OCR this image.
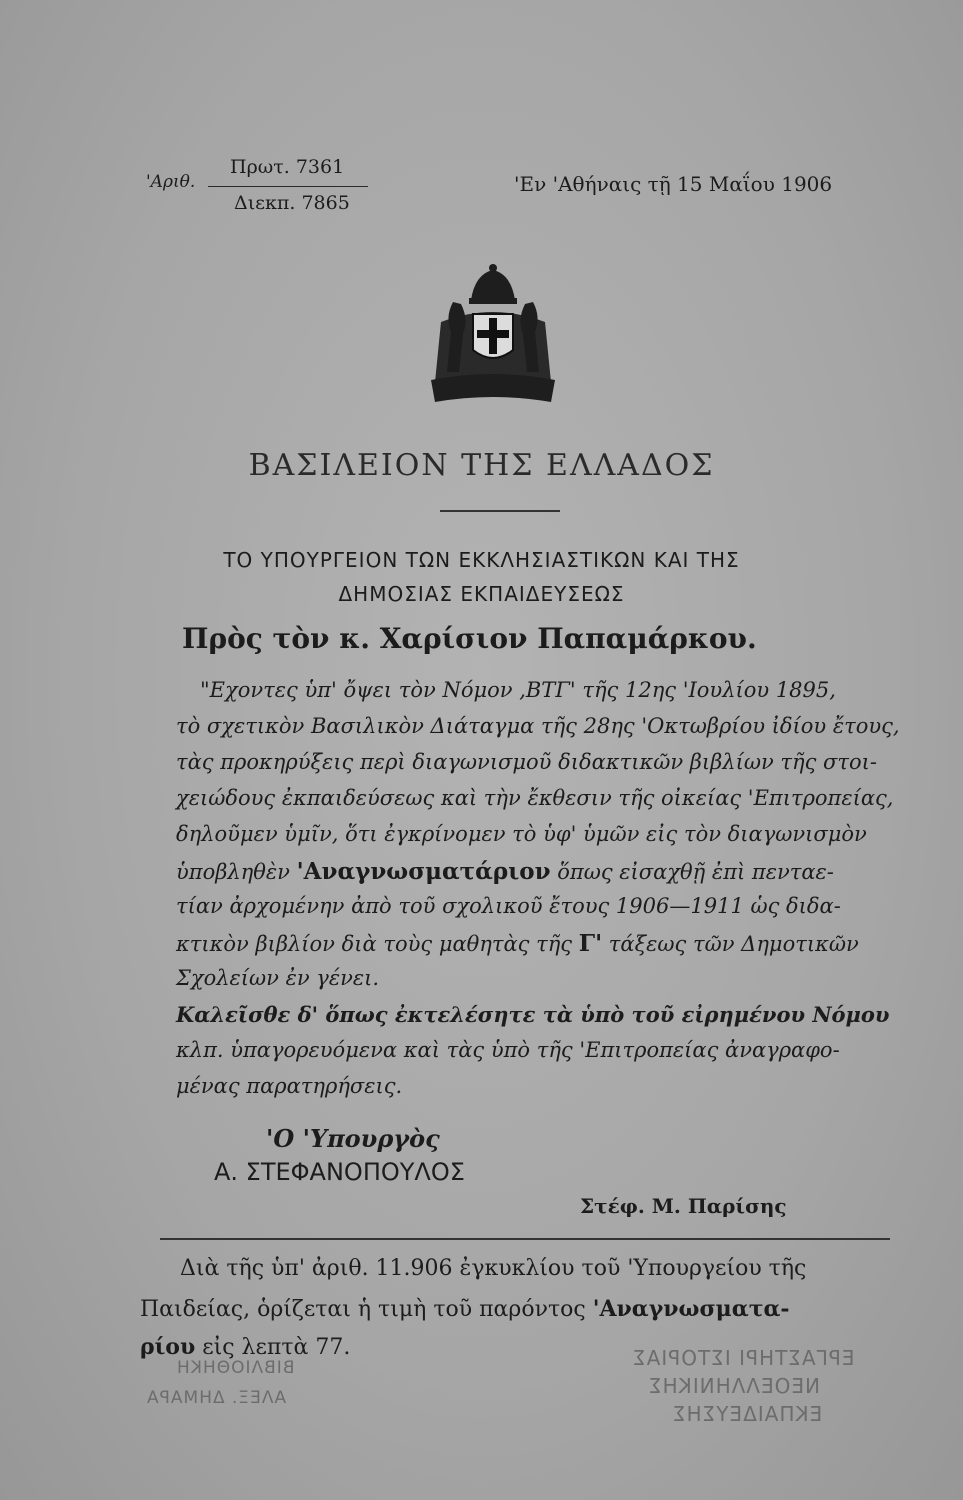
'Αριθ.
Πρωτ. 7361
Διεκπ. 7865
'Εν 'Αθήναις τῇ 15 Μαΐου 1906
ΒΑΣΙΛΕΙΟΝ ΤΗΣ ΕΛΛΑΔΟΣ
ΤΟ ΥΠΟΥΡΓΕΙΟΝ ΤΩΝ ΕΚΚΛΗΣΙΑΣΤΙΚΩΝ ΚΑΙ ΤΗΣ
ΔΗΜΟΣΙΑΣ ΕΚΠΑΙΔΕΥΣΕΩΣ
Πρὸς τὸν κ. Χαρίσιον Παπαμάρκου.
"Εχοντες ὑπ' ὄψει τὸν Νόμον ,ΒΤΓ' τῆς 12ης 'Ιουλίου 1895,
τὸ σχετικὸν Βασιλικὸν Διάταγμα τῆς 28ης 'Οκτωβρίου ἰδίου ἔτους,
τὰς προκηρύξεις περὶ διαγωνισμοῦ διδακτικῶν βιβλίων τῆς στοι-
χειώδους ἐκπαιδεύσεως καὶ τὴν ἔκθεσιν τῆς οἰκείας 'Επιτροπείας,
δηλοῦμεν ὑμῖν, ὅτι ἐγκρίνομεν τὸ ὑφ' ὑμῶν εἰς τὸν διαγωνισμὸν
ὑποβληθὲν 'Αναγνωσματάριον ὅπως εἰσαχθῇ ἐπὶ πενταε-
τίαν ἀρχομένην ἀπὸ τοῦ σχολικοῦ ἔτους 1906—1911 ὡς διδα-
κτικὸν βιβλίον διὰ τοὺς μαθητὰς τῆς Γ' τάξεως τῶν Δημοτικῶν
Σχολείων ἐν γένει.
Καλεῖσθε δ' ὅπως ἐκτελέσητε τὰ ὑπὸ τοῦ εἰρημένου Νόμου
κλπ. ὑπαγορευόμενα καὶ τὰς ὑπὸ τῆς 'Επιτροπείας ἀναγραφο-
μένας παρατηρήσεις.
'Ο 'Υπουργὸς
Α. ΣΤΕΦΑΝΟΠΟΥΛΟΣ
Στέφ. Μ. Παρίσης
Διὰ τῆς ὑπ' ἀριθ. 11.906 ἐγκυκλίου τοῦ 'Υπουργείου τῆς
Παιδείας, ὁρίζεται ἡ τιμὴ τοῦ παρόντος 'Αναγνωσματα-
ρίου εἰς λεπτὰ 77.	ΕΡΓΑΣΤΗΡΙ ΙΣΤΟΡΙΑΣ
ΝΕΟΕΛΛΗΝΙΚΗΣ
ΕΚΠΑΙΔΕΥΣΗΣ
ΒΙΒΛΙΟΘΗΚΗ
ΑΛΕΞ. ΔΗΜΑΡΑ
